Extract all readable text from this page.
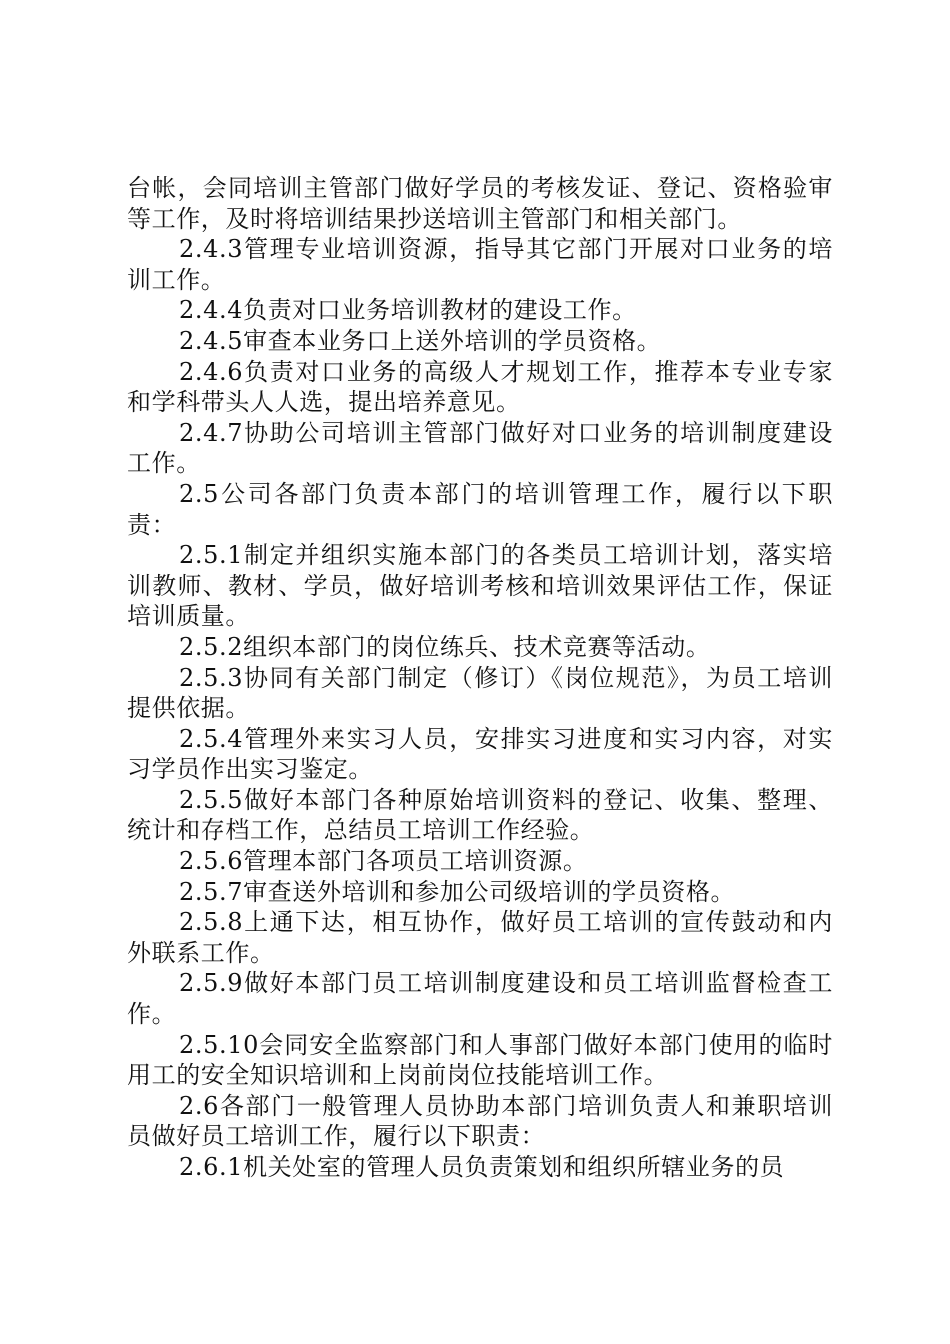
台帐，会同培训主管部门做好学员的考核发证、登记、资格验审等工作，及时将培训结果抄送培训主管部门和相关部门。

2.4.3管理专业培训资源，指导其它部门开展对口业务的培训工作。

2.4.4负责对口业务培训教材的建设工作。

2.4.5审查本业务口上送外培训的学员资格。

2.4.6负责对口业务的高级人才规划工作，推荐本专业专家和学科带头人人选，提出培养意见。

2.4.7协助公司培训主管部门做好对口业务的培训制度建设工作。

2.5公司各部门负责本部门的培训管理工作，履行以下职责：

2.5.1制定并组织实施本部门的各类员工培训计划，落实培训教师、教材、学员，做好培训考核和培训效果评估工作，保证培训质量。

2.5.2组织本部门的岗位练兵、技术竞赛等活动。

2.5.3协同有关部门制定（修订）《岗位规范》，为员工培训提供依据。

2.5.4管理外来实习人员，安排实习进度和实习内容，对实习学员作出实习鉴定。

2.5.5做好本部门各种原始培训资料的登记、收集、整理、统计和存档工作，总结员工培训工作经验。

2.5.6管理本部门各项员工培训资源。

2.5.7审查送外培训和参加公司级培训的学员资格。

2.5.8上通下达，相互协作，做好员工培训的宣传鼓动和内外联系工作。

2.5.9做好本部门员工培训制度建设和员工培训监督检查工作。

2.5.10会同安全监察部门和人事部门做好本部门使用的临时用工的安全知识培训和上岗前岗位技能培训工作。

2.6各部门一般管理人员协助本部门培训负责人和兼职培训员做好员工培训工作，履行以下职责：

2.6.1机关处室的管理人员负责策划和组织所辖业务的员
